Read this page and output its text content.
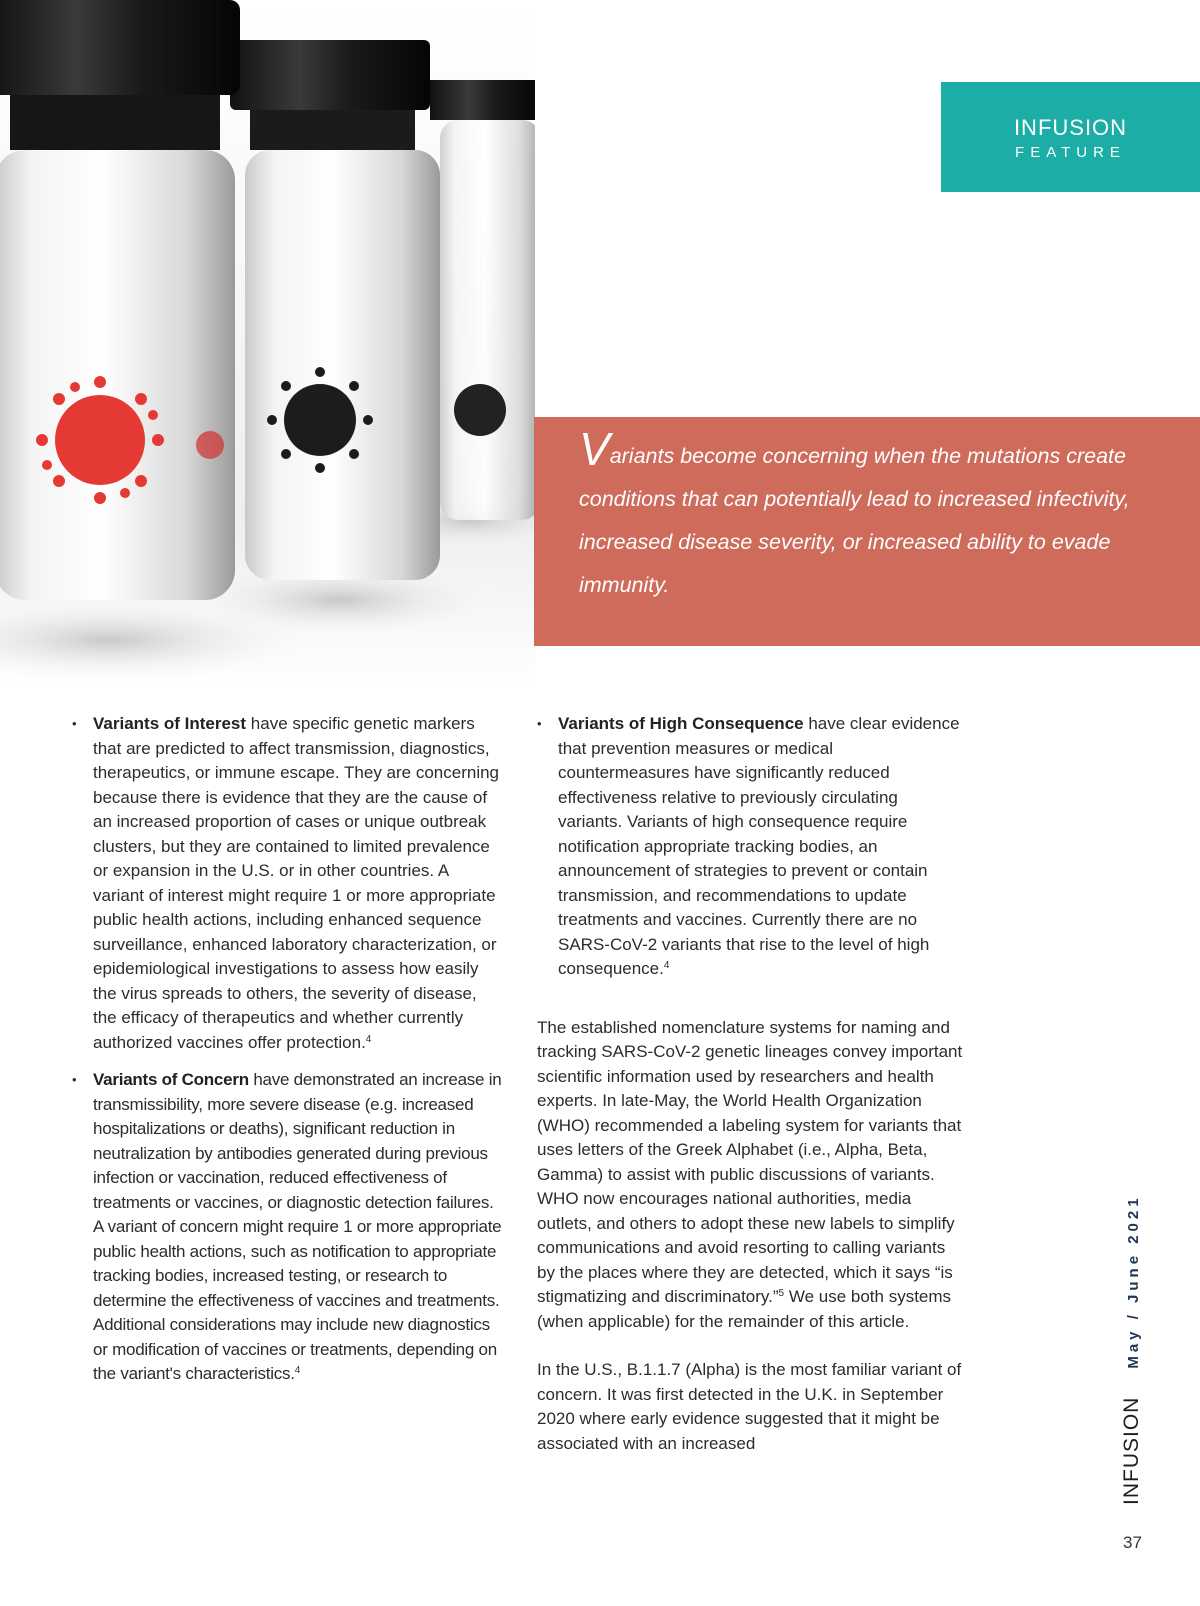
INFUSION
FEATURE

Variants become concerning when the mutations create conditions that can potentially lead to increased infectivity, increased disease severity, or increased ability to evade immunity.

• Variants of Interest have specific genetic markers that are predicted to affect transmission, diagnostics, therapeutics, or immune escape. They are concerning because there is evidence that they are the cause of an increased proportion of cases or unique outbreak clusters, but they are contained to limited prevalence or expansion in the U.S. or in other countries. A variant of interest might require 1 or more appropriate public health actions, including enhanced sequence surveillance, enhanced laboratory characterization, or epidemiological investigations to assess how easily the virus spreads to others, the severity of disease, the efficacy of therapeutics and whether currently authorized vaccines offer protection.$^4$
• Variants of Concern have demonstrated an increase in transmissibility, more severe disease (e.g. increased hospitalizations or deaths), significant reduction in neutralization by antibodies generated during previous infection or vaccination, reduced effectiveness of treatments or vaccines, or diagnostic detection failures. A variant of concern might require 1 or more appropriate public health actions, such as notification to appropriate tracking bodies, increased testing, or research to determine the effectiveness of vaccines and treatments. Additional considerations may include new diagnostics or modification of vaccines or treatments, depending on the variant's characteristics.$^4$
• Variants of High Consequence have clear evidence that prevention measures or medical countermeasures have significantly reduced effectiveness relative to previously circulating variants. Variants of high consequence require notification appropriate tracking bodies, an announcement of strategies to prevent or contain transmission, and recommendations to update treatments and vaccines. Currently there are no SARS-CoV-2 variants that rise to the level of high consequence.$^4$

The established nomenclature systems for naming and tracking SARS-CoV-2 genetic lineages convey important scientific information used by researchers and health experts. In late-May, the World Health Organization (WHO) recommended a labeling system for variants that uses letters of the Greek Alphabet (i.e., Alpha, Beta, Gamma) to assist with public discussions of variants. WHO now encourages national authorities, media outlets, and others to adopt these new labels to simplify communications and avoid resorting to calling variants by the places where they are detected, which it says “is stigmatizing and discriminatory.”$^5$ We use both systems (when applicable) for the remainder of this article.

In the U.S., B.1.1.7 (Alpha) is the most familiar variant of concern. It was first detected in the U.K. in September 2020 where early evidence suggested that it might be associated with an increased	INFUSIONMay / June 2021
37
